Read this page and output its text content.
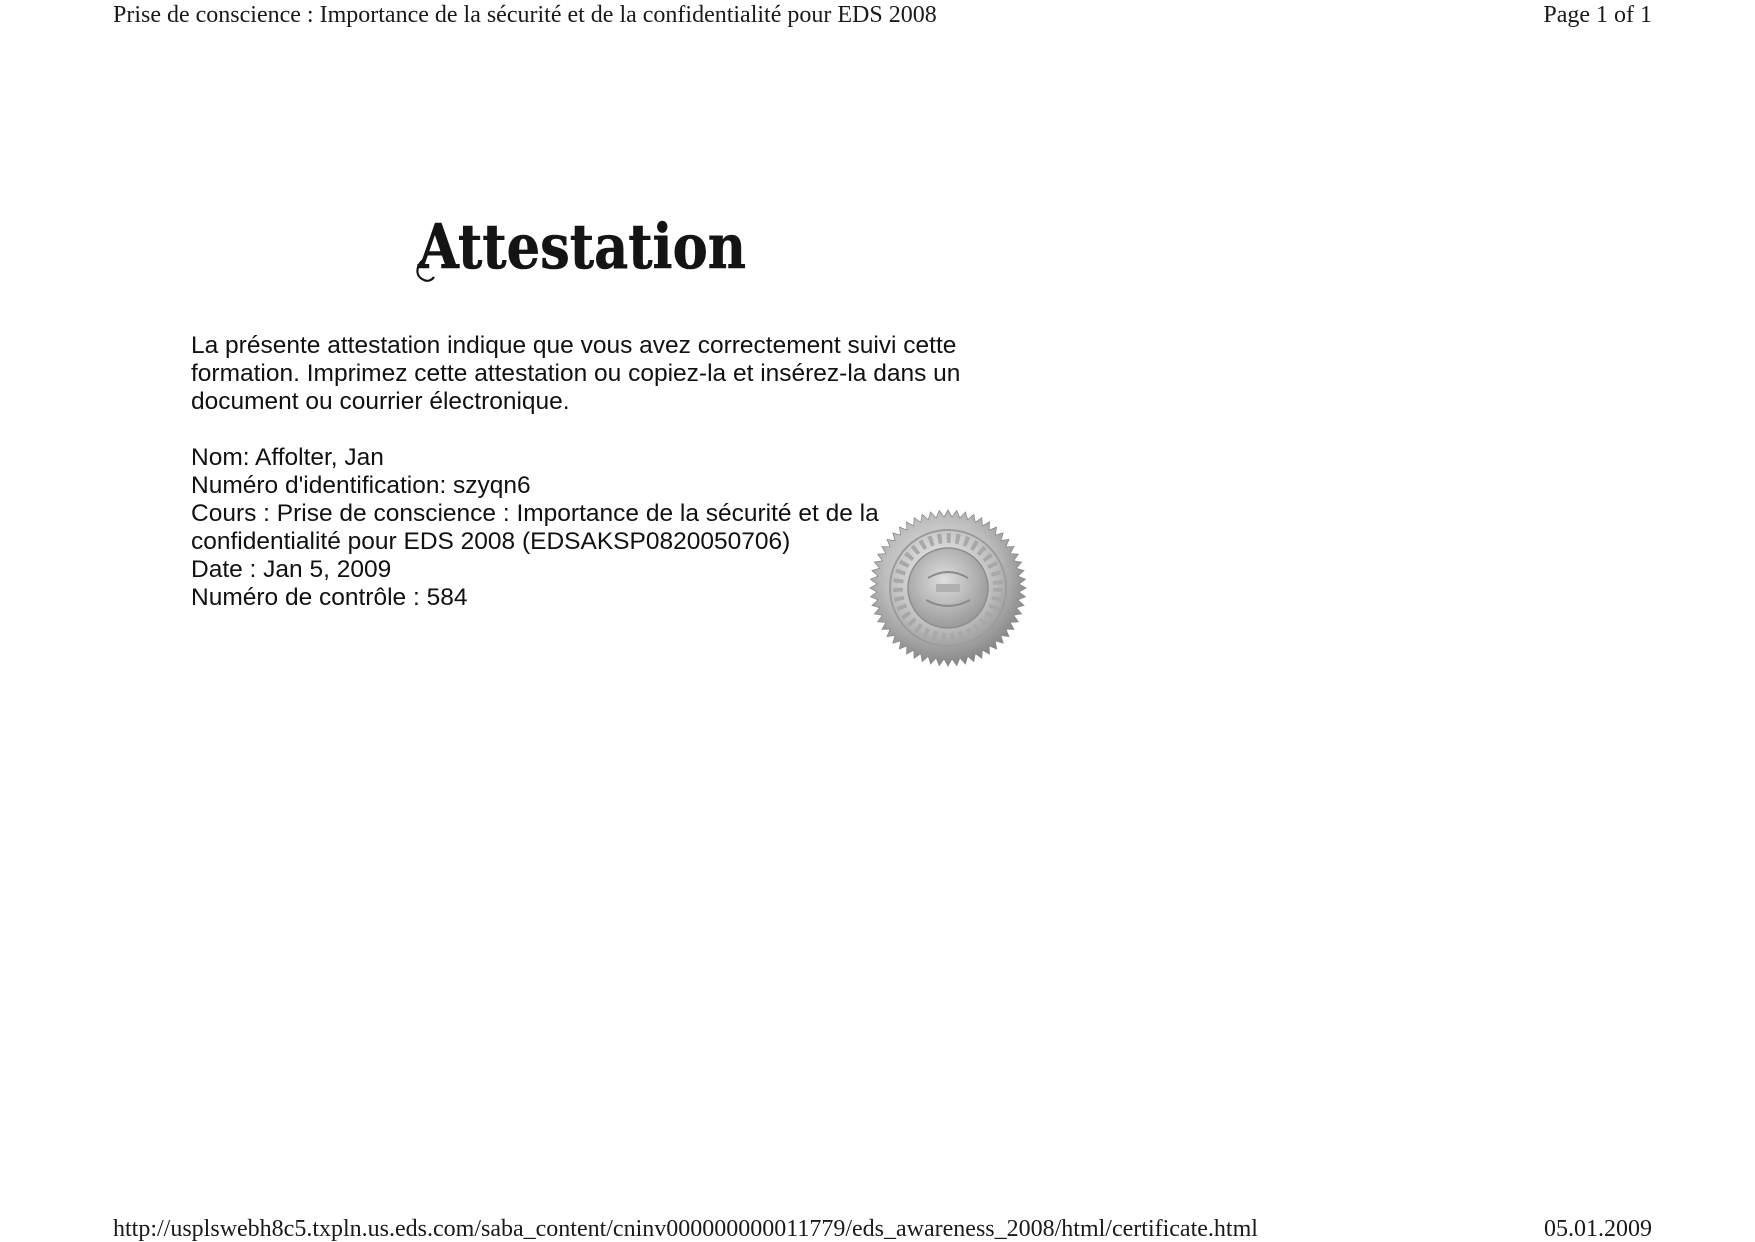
Prise de conscience : Importance de la sécurité et de la confidentialité pour EDS 2008	Page 1 of 1
Attestation

La présente attestation indique que vous avez correctement suivi cette formation. Imprimez cette attestation ou copiez-la et insérez-la dans un document ou courrier électronique.

Nom: Affolter, Jan

Numéro d'identification: szyqn6

Cours : Prise de conscience : Importance de la sécurité et de la confidentialité pour EDS 2008 (EDSAKSP0820050706)

Date : Jan 5, 2009

Numéro de contrôle : 584

http://usplswebh8c5.txpln.us.eds.com/saba_content/cninv000000000011779/eds_awareness_2008/html/certificate.html	05.01.2009
